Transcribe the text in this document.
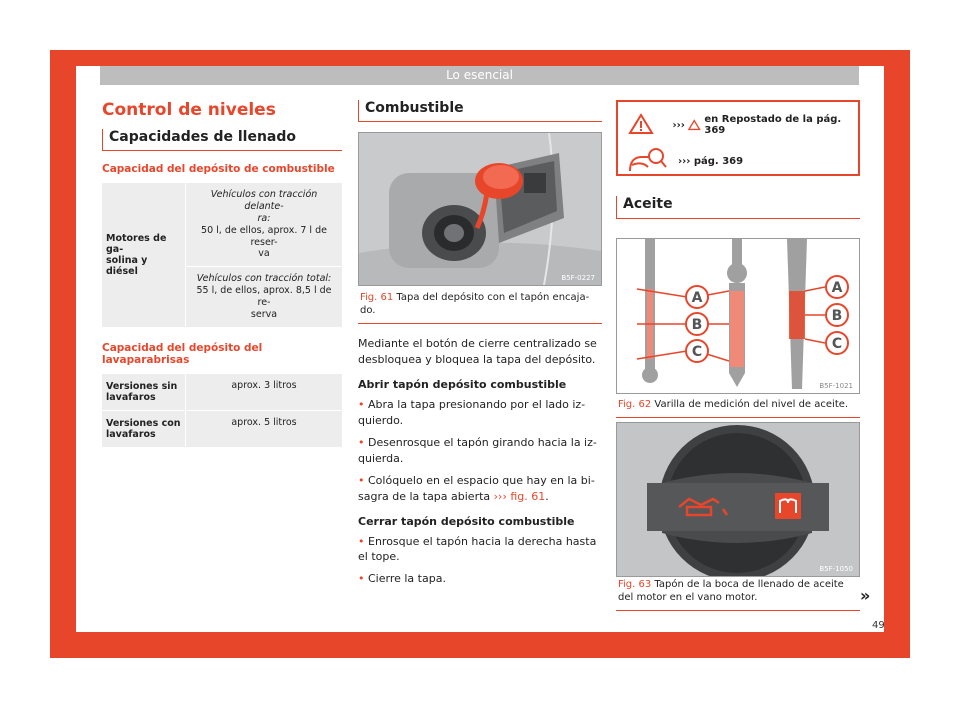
Lo esencial
Control de niveles
Capacidades de llenado
Capacidad del depósito de combustible
Motores de ga-
solina y diésel
Vehículos con tracción delante-
ra:
50 l, de ellos, aprox. 7 l de reser-
va
Vehículos con tracción total:
55 l, de ellos, aprox. 8,5 l de re-
serva
Capacidad del depósito del lavaparabrisas
Versiones sin lavafaros
aprox. 3 litros
Versiones con lavafaros
aprox. 5 litros
Combustible
B5F-0227
Fig. 61 Tapa del depósito con el tapón encaja-
do.
Mediante el botón de cierre centralizado se desbloquea y bloquea la tapa del depósito.
Abrir tapón depósito combustible
• Abra la tapa presionando por el lado iz-
quierdo.
• Desenrosque el tapón girando hacia la iz-
quierda.
• Colóquelo en el espacio que hay en la bi-
sagra de la tapa abierta ››› fig. 61.
Cerrar tapón depósito combustible
• Enrosque el tapón hacia la derecha hasta
el tope.
• Cierre la tapa.
›››

en Repostado de la pág. 369
››› pág. 369
Aceite
A
B
C
A
B
C
B5F-1021
Fig. 62 Varilla de medición del nivel de aceite.
B5F-1050
Fig. 63 Tapón de la boca de llenado de aceite
del motor en el vano motor.	»
49
